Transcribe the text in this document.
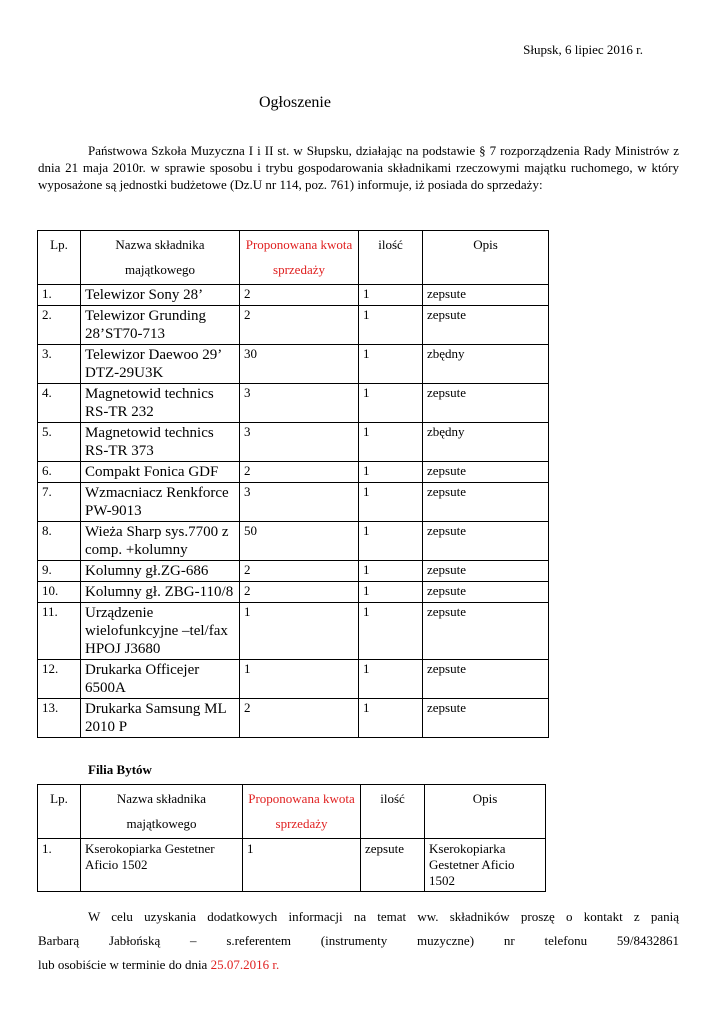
Słupsk, 6 lipiec 2016 r.
Ogłoszenie
Państwowa Szkoła Muzyczna I i II st. w Słupsku, działając na podstawie § 7 rozporządzenia Rady Ministrów z dnia 21 maja 2010r. w sprawie sposobu i trybu gospodarowania składnikami rzeczowymi majątku ruchomego, w który wyposażone są jednostki budżetowe (Dz.U nr 114, poz. 761) informuje, iż posiada do sprzedaży:
Lp.	Nazwa składnika majątkowego	Proponowana kwota sprzedaży	ilość	Opis
1.	Telewizor Sony 28’	2	1	zepsute
2.	Telewizor Grunding 28’ST70-713	2	1	zepsute
3.	Telewizor Daewoo 29’ DTZ-29U3K	30	1	zbędny
4.	Magnetowid technics RS-TR 232	3	1	zepsute
5.	Magnetowid technics RS-TR 373	3	1	zbędny
6.	Compakt Fonica GDF	2	1	zepsute
7.	Wzmacniacz Renkforce PW-9013	3	1	zepsute
8.	Wieża Sharp sys.7700 z comp. +kolumny	50	1	zepsute
9.	Kolumny gł.ZG-686	2	1	zepsute
10.	Kolumny gł. ZBG-110/8	2	1	zepsute
11.	Urządzenie wielofunkcyjne –tel/fax HPOJ J3680	1	1	zepsute
12.	Drukarka Officejer 6500A	1	1	zepsute
13.	Drukarka Samsung ML 2010 P	2	1	zepsute
Filia Bytów
Lp.	Nazwa składnika majątkowego	Proponowana kwota sprzedaży	ilość	Opis
1.	Kserokopiarka Gestetner Aficio 1502	1	zepsute	Kserokopiarka Gestetner Aficio 1502
W celu uzyskania dodatkowych informacji na temat ww. składników proszę o kontakt z panią
Barbarą Jabłońską – s.referentem (instrumenty muzyczne) nr telefonu 59/8432861
lub osobiście w terminie do dnia 25.07.2016 r.
